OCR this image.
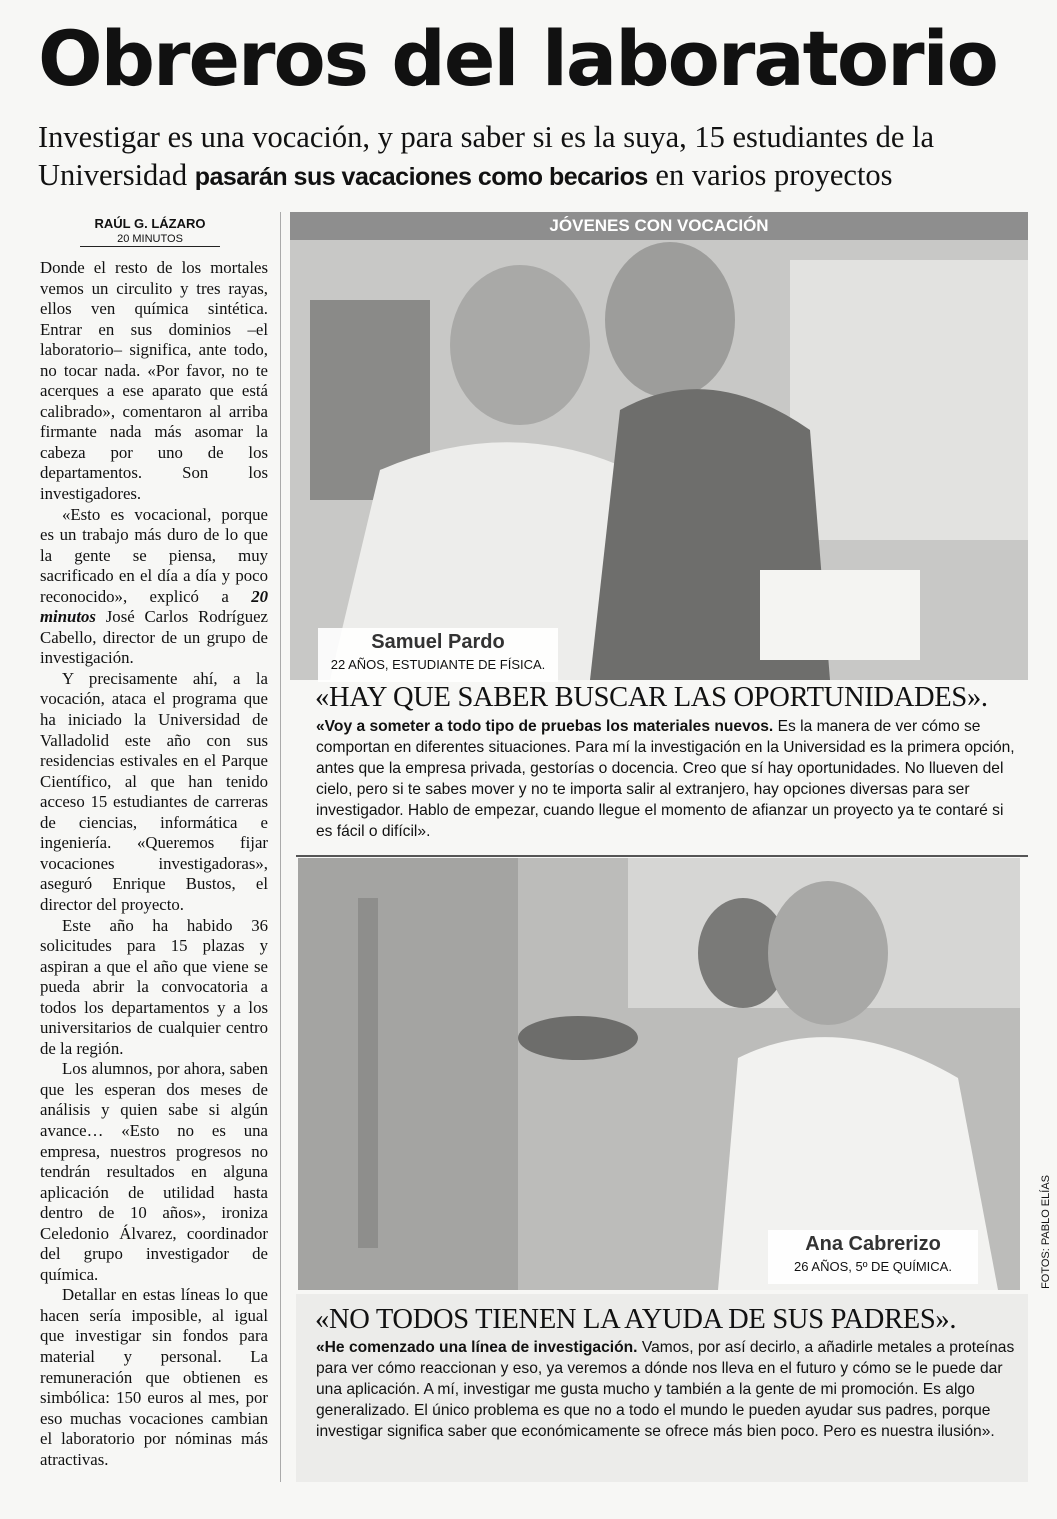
Obreros del laboratorio

Investigar es una vocación, y para saber si es la suya, 15 estudiantes de la Universidad pasarán sus vacaciones como becarios en varios proyectos

RAÚL G. LÁZARO
20 MINUTOS

Donde el resto de los mortales vemos un circulito y tres rayas, ellos ven química sintética. Entrar en sus dominios –el laboratorio– significa, ante todo, no tocar nada. «Por favor, no te acerques a ese aparato que está calibrado», comentaron al arriba firmante nada más asomar la cabeza por uno de los departamentos. Son los investigadores.

«Esto es vocacional, porque es un trabajo más duro de lo que la gente se piensa, muy sacrificado en el día a día y poco reconocido», explicó a 20 minutos José Carlos Rodríguez Cabello, director de un grupo de investigación.

Y precisamente ahí, a la vocación, ataca el programa que ha iniciado la Universidad de Valladolid este año con sus residencias estivales en el Parque Científico, al que han tenido acceso 15 estudiantes de carreras de ciencias, informática e ingeniería. «Queremos fijar vocaciones investigadoras», aseguró Enrique Bustos, el director del proyecto.

Este año ha habido 36 solicitudes para 15 plazas y aspiran a que el año que viene se pueda abrir la convocatoria a todos los departamentos y a los universitarios de cualquier centro de la región.

Los alumnos, por ahora, saben que les esperan dos meses de análisis y quien sabe si algún avance… «Esto no es una empresa, nuestros progresos no tendrán resultados en alguna aplicación de utilidad hasta dentro de 10 años», ironiza Celedonio Álvarez, coordinador del grupo investigador de química.

Detallar en estas líneas lo que hacen sería imposible, al igual que investigar sin fondos para material y personal. La remuneración que obtienen es simbólica: 150 euros al mes, por eso muchas vocaciones cambian el laboratorio por nóminas más atractivas.

JÓVENES CON VOCACIÓN
Samuel Pardo
22 AÑOS, ESTUDIANTE DE FÍSICA.
«HAY QUE SABER BUSCAR LAS OPORTUNIDADES».
«Voy a someter a todo tipo de pruebas los materiales nuevos. Es la manera de ver cómo se comportan en diferentes situaciones. Para mí la investigación en la Universidad es la primera opción, antes que la empresa privada, gestorías o docencia. Creo que sí hay oportunidades. No llueven del cielo, pero si te sabes mover y no te importa salir al extranjero, hay opciones diversas para ser investigador. Hablo de empezar, cuando llegue el momento de afianzar un proyecto ya te contaré si es fácil o difícil».
Ana Cabrerizo
26 AÑOS, 5º DE QUÍMICA.
«NO TODOS TIENEN LA AYUDA DE SUS PADRES».
«He comenzado una línea de investigación. Vamos, por así decirlo, a añadirle metales a proteínas para ver cómo reaccionan y eso, ya veremos a dónde nos lleva en el futuro y cómo se le puede dar una aplicación. A mí, investigar me gusta mucho y también a la gente de mi promoción. Es algo generalizado. El único problema es que no a todo el mundo le pueden ayudar sus padres, porque investigar significa saber que económicamente se ofrece más bien poco. Pero es nuestra ilusión».
FOTOS: PABLO ELÍAS
